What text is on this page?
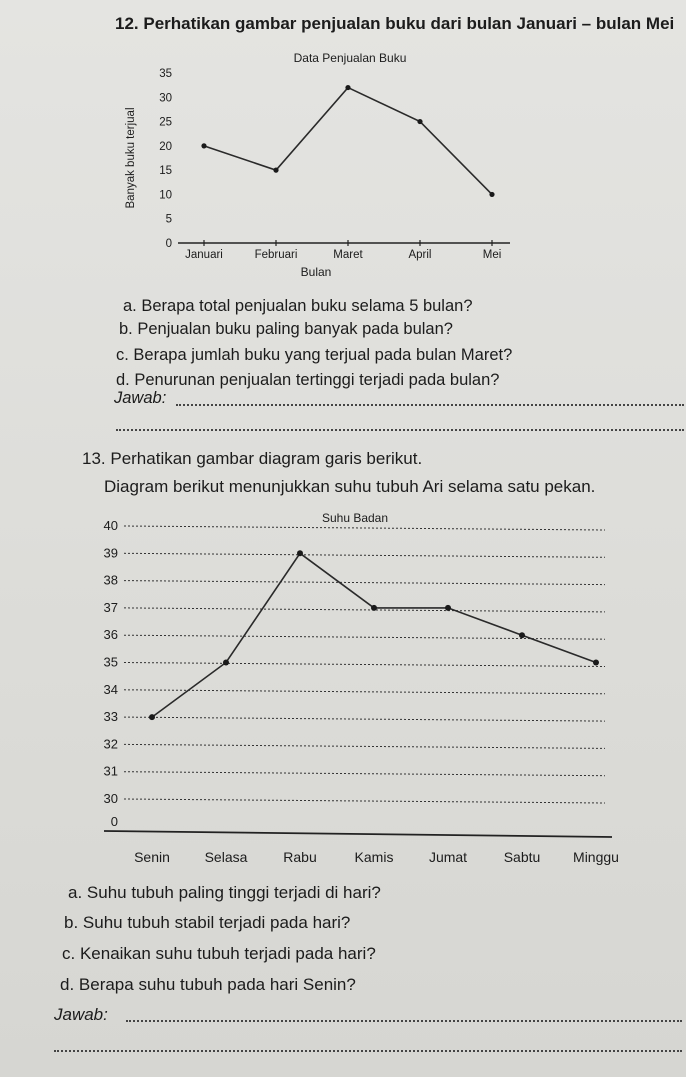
12. Perhatikan gambar penjualan buku dari bulan Januari – bulan Mei
Data Penjualan Buku
Banyak buku terjual
Bulan
0
5
10
15
20
25
30
35
Januari	Februari	Maret	April	Mei
a. Berapa total penjualan buku selama 5 bulan?
b. Penjualan buku paling banyak pada bulan?
c. Berapa jumlah buku yang terjual pada bulan Maret?
d. Penurunan penjualan tertinggi terjadi pada bulan?
Jawab:
13. Perhatikan gambar diagram garis berikut.
Diagram berikut menunjukkan suhu tubuh Ari selama satu pekan.
Suhu Badan
0
30
31
32
33
34
35
36
37
38
39
40
Senin Selasa	Rabu	Kamis	Jumat	Sabtu Minggu
a. Suhu tubuh paling tinggi terjadi di hari?
b. Suhu tubuh stabil terjadi pada hari?
c. Kenaikan suhu tubuh terjadi pada hari?
d. Berapa suhu tubuh pada hari Senin?
Jawab:
